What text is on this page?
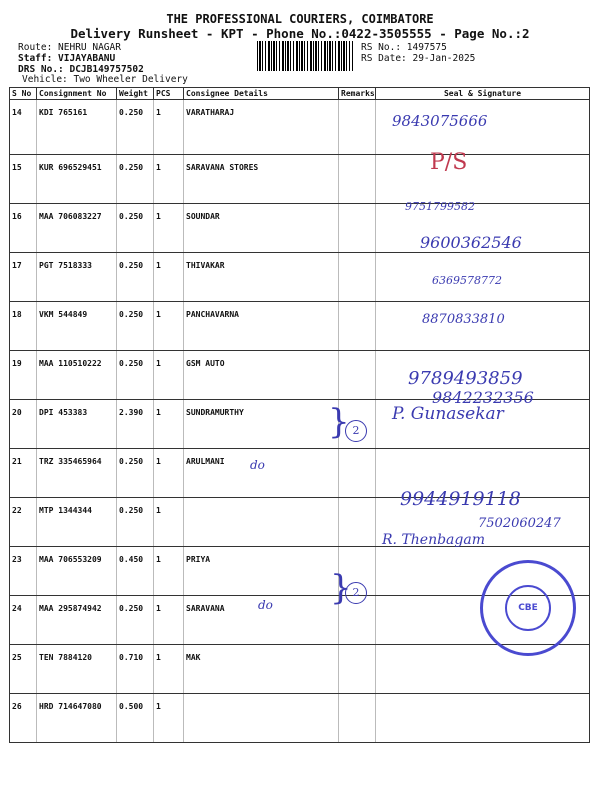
THE PROFESSIONAL COURIERS, COIMBATORE
Delivery Runsheet - KPT - Phone No.:0422-3505555 - Page No.:2
Route: NEHRU NAGAR
Staff: VIJAYABANU
DRS No.: DCJB149757502
Vehicle: Two Wheeler Delivery
RS No.: 1497575
RS Date: 29-Jan-2025
S No	Consignment No	Weight	PCS	Consignee Details	Remarks	Seal & Signature
14	KDI 765161	0.250	1	VARATHARAJ		
15	KUR 696529451	0.250	1	SARAVANA STORES		
16	MAA 706083227	0.250	1	SOUNDAR		
17	PGT 7518333	0.250	1	THIVAKAR		
18	VKM 544849	0.250	1	PANCHAVARNA		
19	MAA 110510222	0.250	1	GSM AUTO		
20	DPI 453383	2.390	1	SUNDRAMURTHY		
21	TRZ 335465964	0.250	1	ARULMANI		
22	MTP 1344344	0.250	1			
23	MAA 706553209	0.450	1	PRIYA		
24	MAA 295874942	0.250	1	SARAVANA		
25	TEN 7884120	0.710	1	MAK		
26	HRD 714647080	0.500	1			
9843075666
P/S
9751799582
9600362546
6369578772
8870833810
9789493859
9842232356
P. Gunasekar
9944919118
7502060247
R. Thenbagam
do
do
} 2
} 2
CBE
